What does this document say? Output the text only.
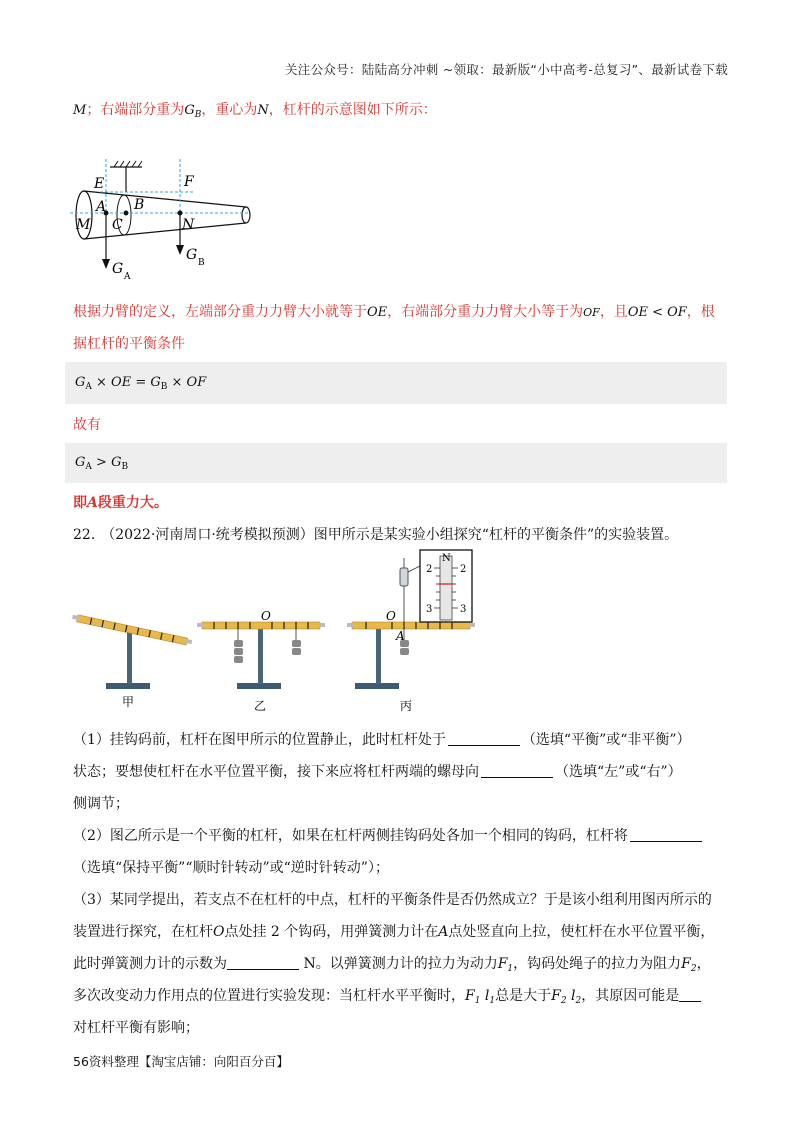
关注公众号：陆陆高分冲刺 ~领取：最新版“小中高考-总复习”、最新试卷下载
M；右端部分重为$G_B$，重心为N，杠杆的示意图如下所示：
E	F
A B
C
M	N
G A
G B
根据力臂的定义，左端部分重力力臂大小就等于OE，右端部分重力力臂大小等于为OF，且OE < OF，根
据杠杆的平衡条件
$G_A$ × OE = $G_B$ × OF
故有
$G_A > G_B$
即A段重力大。
22. （2022·河南周口·统考模拟预测）图甲所示是某实验小组探究“杠杆的平衡条件”的实验装置。
甲
O
乙
N
2	2
3	3
O
A
丙
（1）挂钩码前，杠杆在图甲所示的位置静止，此时杠杆处于	（选填“平衡”或“非平衡”）
状态；要想使杠杆在水平位置平衡，接下来应将杠杆两端的螺母向	（选填“左”或“右”）
侧调节；
（2）图乙所示是一个平衡的杠杆，如果在杠杆两侧挂钩码处各加一个相同的钩码，杠杆将
（选填“保持平衡”“顺时针转动”或“逆时针转动”）；
（3）某同学提出，若支点不在杠杆的中点，杠杆的平衡条件是否仍然成立？于是该小组利用图丙所示的
装置进行探究，在杠杆O点处挂 2 个钩码，用弹簧测力计在A点处竖直向上拉，使杠杆在水平位置平衡，
此时弹簧测力计的示数为	N。以弹簧测力计的拉力为动力$F_1$，钩码处绳子的拉力为阻力$F_2$，
多次改变动力作用点的位置进行实验发现：当杠杆水平平衡时，$F_1$ $l_1$总是大于$F_2$ $l_2$，其原因可能是
对杠杆平衡有影响；
56资料整理【淘宝店铺：向阳百分百】
